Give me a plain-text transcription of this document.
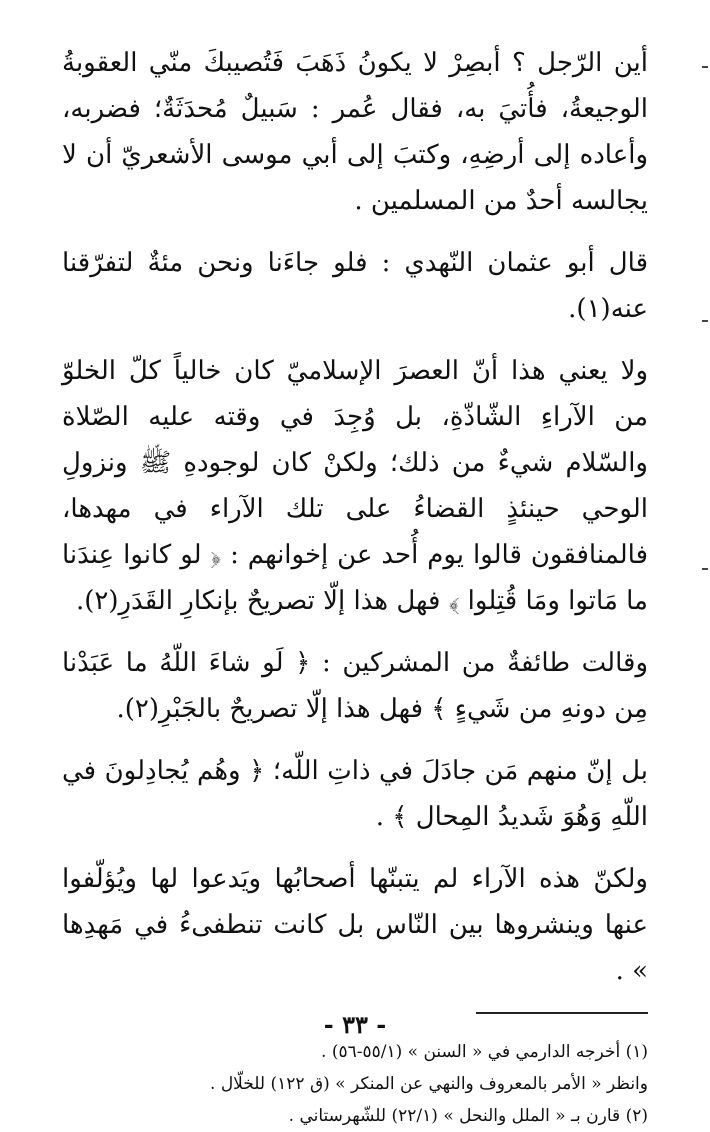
أين الرّجل ؟ أبصِرْ لا يكونُ ذَهَبَ فَتُصيبكَ منّي العقوبةُ الوجيعةُ، فأُتيَ به، فقال عُمر : سَبيلٌ مُحدَثَةٌ؛ فضربه، وأعاده إلى أرضِهِ، وكتبَ إلى أبي موسى الأشعريّ أن لا يجالسه أحدٌ من المسلمين .

قال أبو عثمان النّهدي : فلو جاءَنا ونحن مئةٌ لتفرّقنا عنه(١).

ولا يعني هذا أنّ العصرَ الإسلاميّ كان خالياً كلّ الخلوّ من الآراءِ الشّاذّةِ، بل وُجِدَ في وقته عليه الصّلاة والسّلام شيءٌ من ذلك؛ ولكنْ كان لوجودهِ ﷺ ونزولِ الوحي حينئذٍ القضاءُ على تلك الآراء في مهدها، فالمنافقون قالوا يوم أُحد عن إخوانهم : ﴿ لو كانوا عِندَنا ما مَاتوا ومَا قُتِلوا ﴾ فهل هذا إلّا تصريحٌ بإنكارِ القَدَرِ(٢).

وقالت طائفةٌ من المشركين : ﴿ لَو شاءَ اللّهُ ما عَبَدْنا مِن دونهِ من شَيءٍ ﴾ فهل هذا إلّا تصريحٌ بالجَبْرِ(٢).

بل إنّ منهم مَن جادَلَ في ذاتِ اللّه؛ ﴿ وهُم يُجادِلونَ في اللّهِ وَهُوَ شَديدُ المِحال ﴾ .

ولكنّ هذه الآراء لم يتبنّها أصحابُها ويَدعوا لها ويُؤلّفوا عنها وينشروها بين النّاس بل كانت تنطفىءُ في مَهدِها » .

(١) أخرجه الدارمي في « السنن » (٥٥/١-٥٦) .

وانظر « الأمر بالمعروف والنهي عن المنكر » (ق ١٢٢) للخلّال .

(٢) قارن بـ « الملل والنحل » (٢٢/١) للشّهرستاني .

- ٣٣ -
